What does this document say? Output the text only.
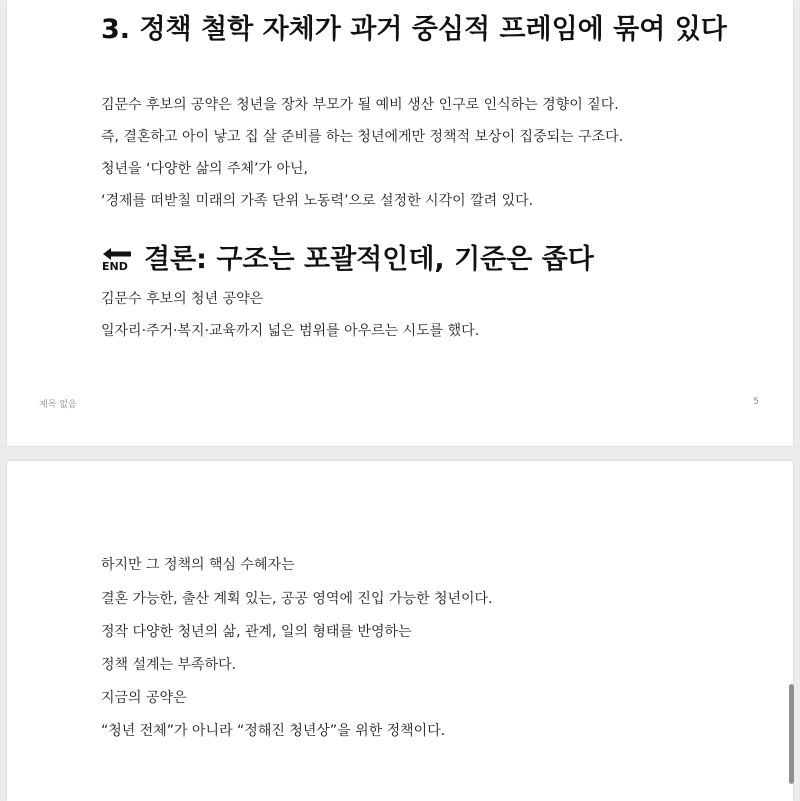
3. 정책 철학 자체가 과거 중심적 프레임에 묶여 있다

김문수 후보의 공약은 청년을 장차 부모가 될 예비 생산 인구로 인식하는 경향이 짙다.

즉, 결혼하고 아이 낳고 집 살 준비를 하는 청년에게만 정책적 보상이 집중되는 구조다.

청년을 ‘다양한 삶의 주체’가 아닌,

‘경제를 떠받칠 미래의 가족 단위 노동력’으로 설정한 시각이 깔려 있다.

END 결론: 구조는 포괄적인데, 기준은 좁다

김문수 후보의 청년 공약은

일자리·주거·복지·교육까지 넓은 범위를 아우르는 시도를 했다.

제목 없음	5

하지만 그 정책의 핵심 수혜자는

결혼 가능한, 출산 계획 있는, 공공 영역에 진입 가능한 청년이다.

정작 다양한 청년의 삶, 관계, 일의 형태를 반영하는

정책 설계는 부족하다.

지금의 공약은

“청년 전체”가 아니라 “정해진 청년상”을 위한 정책이다.
